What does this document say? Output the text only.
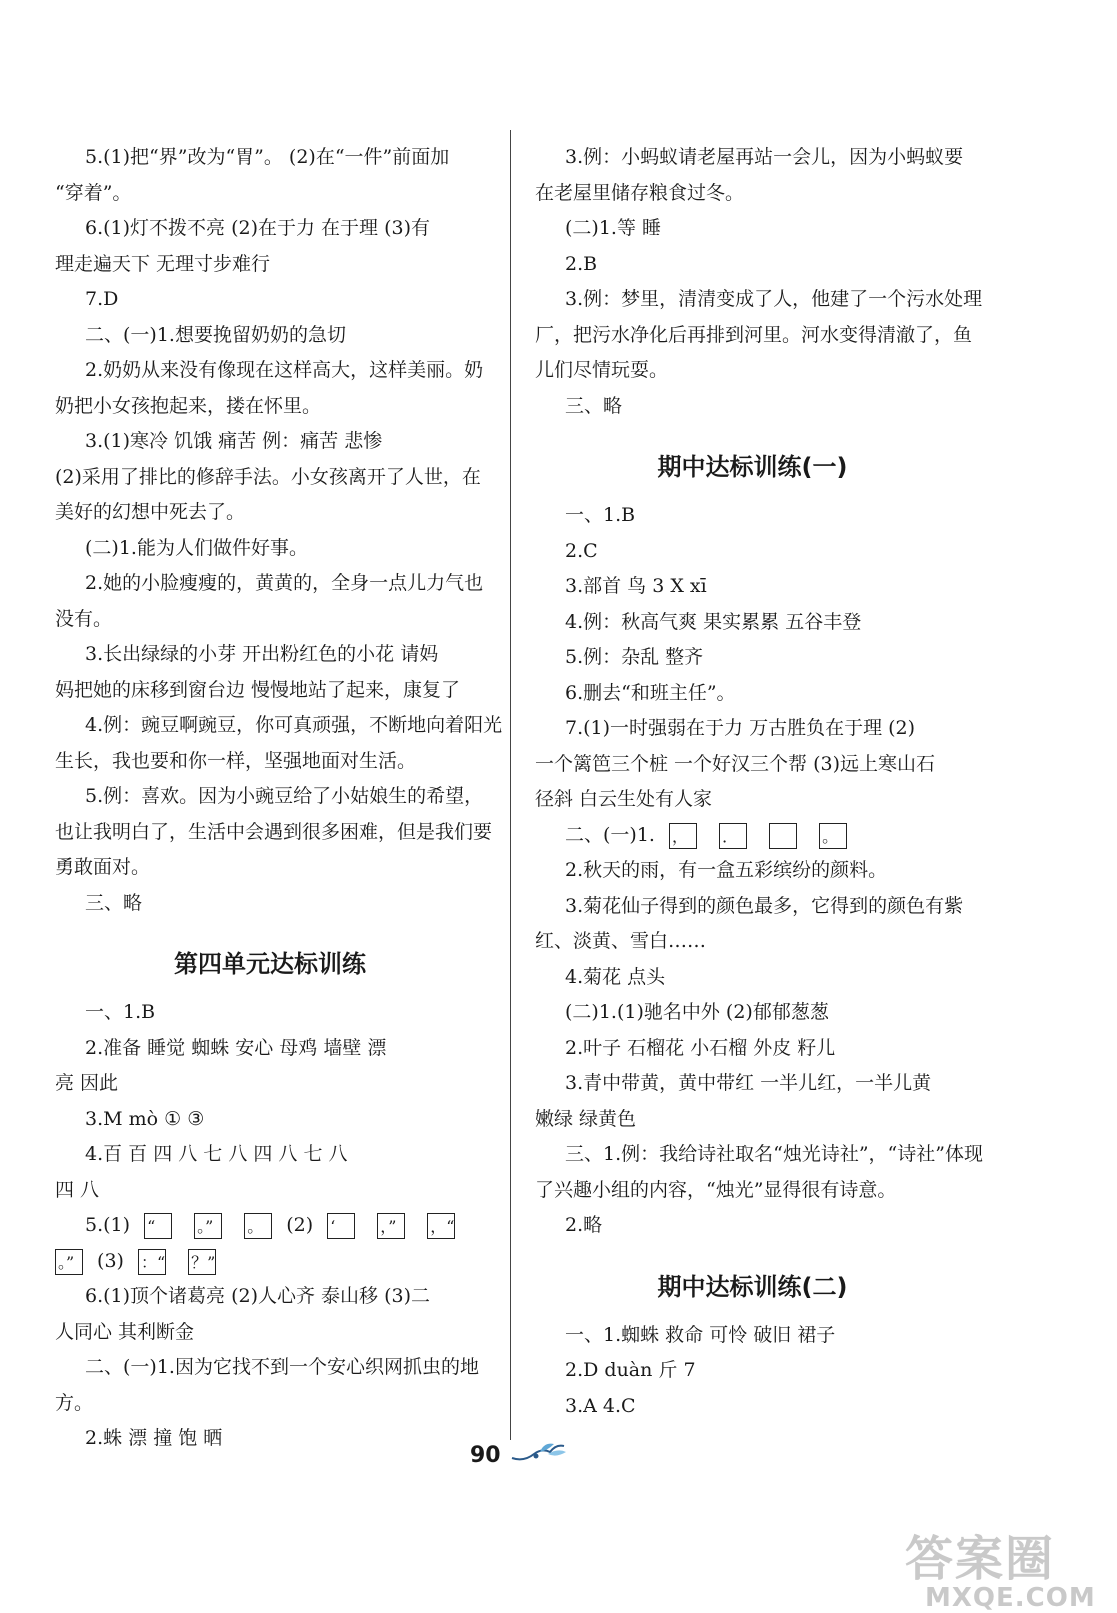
5.(1)把“界”改为“胃”。 (2)在“一件”前面加
“穿着”。
6.(1)灯不拨不亮 (2)在于力 在于理 (3)有
理走遍天下 无理寸步难行
7.D
二、(一)1.想要挽留奶奶的急切
2.奶奶从来没有像现在这样高大，这样美丽。奶
奶把小女孩抱起来，搂在怀里。
3.(1)寒冷 饥饿 痛苦 例：痛苦 悲惨
(2)采用了排比的修辞手法。小女孩离开了人世，在
美好的幻想中死去了。
(二)1.能为人们做件好事。
2.她的小脸瘦瘦的，黄黄的，全身一点儿力气也
没有。
3.长出绿绿的小芽 开出粉红色的小花 请妈
妈把她的床移到窗台边 慢慢地站了起来，康复了
4.例：豌豆啊豌豆，你可真顽强，不断地向着阳光
生长，我也要和你一样，坚强地面对生活。
5.例：喜欢。因为小豌豆给了小姑娘生的希望，
也让我明白了，生活中会遇到很多困难，但是我们要
勇敢面对。
三、略
第四单元达标训练
一、1.B
2.准备 睡觉 蜘蛛 安心 母鸡 墙壁 漂
亮 因此
3.M mò ① ③
4.百 百 四 八 七 八 四 八 七 八
四 八
5.(1) “	。” 。 (2) ‘	，” ，“
。” (3) ：“ ？”
6.(1)顶个诸葛亮 (2)人心齐 泰山移 (3)二
人同心 其利断金
二、(一)1.因为它找不到一个安心织网抓虫的地
方。
2.蛛 漂 撞 饱 晒
3.例：小蚂蚁请老屋再站一会儿，因为小蚂蚁要
在老屋里储存粮食过冬。
(二)1.等 睡
2.B
3.例：梦里，清清变成了人，他建了一个污水处理
厂，把污水净化后再排到河里。河水变得清澈了，鱼
儿们尽情玩耍。
三、略
期中达标训练(一)
一、1.B
2.C
3.部首 鸟 3 X xī
4.例：秋高气爽 果实累累 五谷丰登
5.例：杂乱 整齐
6.删去“和班主任”。
7.(1)一时强弱在于力 万古胜负在于理 (2)
一个篱笆三个桩 一个好汉三个帮 (3)远上寒山石
径斜 白云生处有人家
二、(一)1. ， ．	。
2.秋天的雨，有一盒五彩缤纷的颜料。
3.菊花仙子得到的颜色最多，它得到的颜色有紫
红、淡黄、雪白……
4.菊花 点头
(二)1.(1)驰名中外 (2)郁郁葱葱
2.叶子 石榴花 小石榴 外皮 籽儿
3.青中带黄，黄中带红 一半儿红，一半儿黄
嫩绿 绿黄色
三、1.例：我给诗社取名“烛光诗社”，“诗社”体现
了兴趣小组的内容，“烛光”显得很有诗意。
2.略
期中达标训练(二)
一、1.蜘蛛 救命 可怜 破旧 裙子
2.D duàn 斤 7
3.A 4.C
90
答案圈
MXQE.COM
